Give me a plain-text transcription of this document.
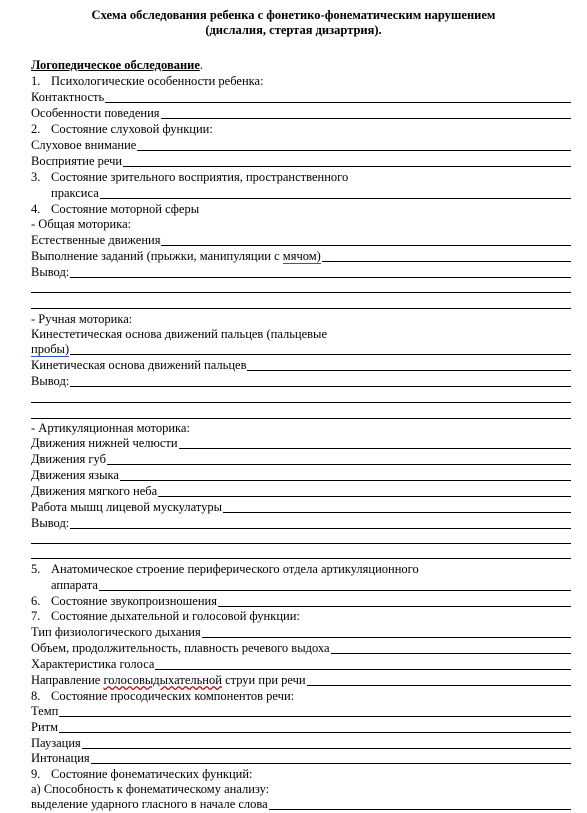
Схема обследования ребенка с фонетико-фонематическим нарушением
(дислалия, стертая дизартрия).
Логопедическое обследование .
1. Психологические особенности ребенка:
Контактность
Особенности поведения
2. Состояние слуховой функции:
Слуховое внимание
Восприятие речи
3. Состояние зрительного восприятия, пространственного
праксиса
4. Состояние моторной сферы
- Общая моторика:
Естественные движения
Выполнение заданий (прыжки, манипуляции с мячом)
Вывод:
- Ручная моторика:
Кинестетическая основа движений пальцев (пальцевые
пробы)
Кинетическая основа движений пальцев
Вывод:
- Артикуляционная моторика:
Движения нижней челюсти
Движения губ
Движения языка
Движения мягкого неба
Работа мышц лицевой мускулатуры
Вывод:
5. Анатомическое строение периферического отдела артикуляционного
аппарата
6. Состояние звукопроизношения
7. Состояние дыхательной и голосовой функции:
Тип физиологического дыхания
Объем, продолжительность, плавность речевого выдоха
Характеристика голоса
Направление голосовыдыхательной струи при речи
8. Состояние просодических компонентов речи:
Темп
Ритм
Паузация
Интонация
9. Состояние фонематических функций:
а) Способность к фонематическому анализу:
выделение ударного гласного в начале слова
